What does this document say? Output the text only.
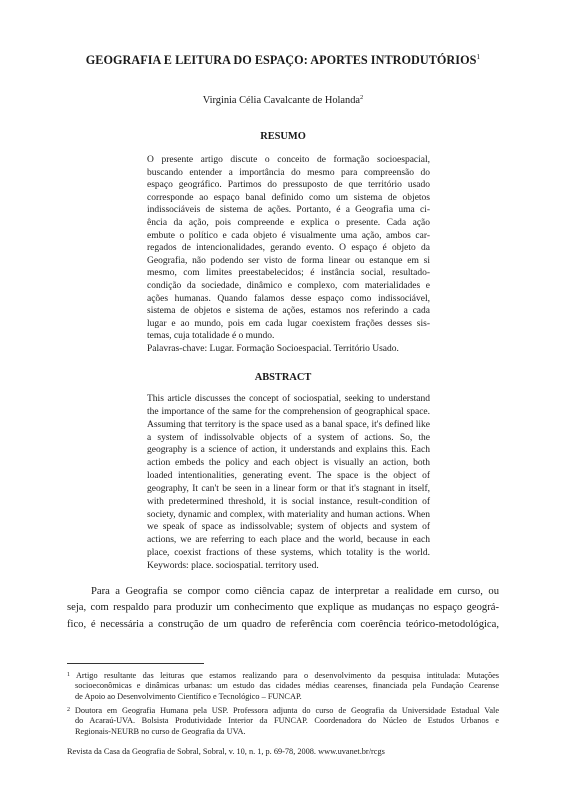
GEOGRAFIA E LEITURA DO ESPAÇO: APORTES INTRODUTÓRIOS$^1$
Virginia Célia Cavalcante de Holanda$^2$
RESUMO
O presente artigo discute o conceito de formação socioespacial,
buscando entender a importância do mesmo para compreensão do
espaço geográfico. Partimos do pressuposto de que território usado
corresponde ao espaço banal definido como um sistema de objetos
indissociáveis de sistema de ações. Portanto, é a Geografia uma ci-
ência da ação, pois compreende e explica o presente. Cada ação
embute o político e cada objeto é visualmente uma ação, ambos car-
regados de intencionalidades, gerando evento. O espaço é objeto da
Geografia, não podendo ser visto de forma linear ou estanque em si
mesmo, com limites preestabelecidos; é instância social, resultado-
condição da sociedade, dinâmico e complexo, com materialidades e
ações humanas. Quando falamos desse espaço como indissociável,
sistema de objetos e sistema de ações, estamos nos referindo a cada
lugar e ao mundo, pois em cada lugar coexistem frações desses sis-
temas, cuja totalidade é o mundo.
Palavras-chave: Lugar. Formação Socioespacial. Território Usado.
ABSTRACT
This article discusses the concept of sociospatial, seeking to understand the importance of the same for the comprehension of geographical space. Assuming that territory is the space used as a banal space, it's defined like a system of indissolvable objects of a system of actions. So, the geography is a science of action, it understands and explains this. Each action embeds the policy and each object is visually an action, both loaded intentionalities, generating event. The space is the object of geography, It can't be seen in a linear form or that it's stagnant in itself, with predetermined threshold, it is social instance, result-condition of society, dynamic and complex, with materiality and human actions. When we speak of space as indissolvable; system of objects and system of actions, we are referring to each place and the world, because in each place, coexist fractions of these systems, which totality is the world. Keywords: place. sociospatial. territory used.
Para a Geografia se compor como ciência capaz de interpretar a realidade em curso, ou
seja, com respaldo para produzir um conhecimento que explique as mudanças no espaço geográ-
fico, é necessária a construção de um quadro de referência com coerência teórico-metodológica,
$^1$ Artigo resultante das leituras que estamos realizando para o desenvolvimento da pesquisa intitulada: Mutações
socioeconômicas e dinâmicas urbanas: um estudo das cidades médias cearenses, financiada pela Fundação Cearense
de Apoio ao Desenvolvimento Científico e Tecnológico – FUNCAP.
$^2$ Doutora em Geografia Humana pela USP. Professora adjunta do curso de Geografia da Universidade Estadual Vale
do Acaraú-UVA. Bolsista Produtividade Interior da FUNCAP. Coordenadora do Núcleo de Estudos Urbanos e
Regionais-NEURB no curso de Geografia da UVA.
Revista da Casa da Geografia de Sobral, Sobral, v. 10, n. 1, p. 69-78, 2008. www.uvanet.br/rcgs
